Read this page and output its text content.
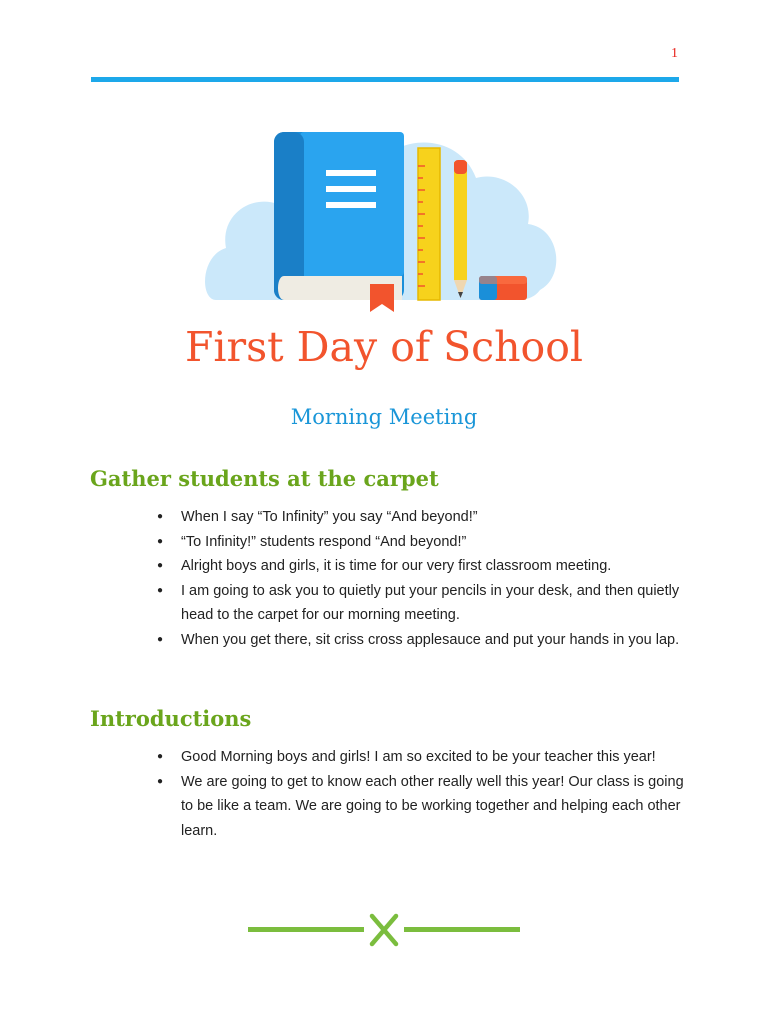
1
First Day of School
Morning Meeting
Gather students at the carpet
● When I say “To Infinity” you say “And beyond!”
● “To Infinity!” students respond “And beyond!”
● Alright boys and girls, it is time for our very first classroom meeting.
● I am going to ask you to quietly put your pencils in your desk, and then quietly head to the carpet for our morning meeting.
● When you get there, sit criss cross applesauce and put your hands in you lap.
Introductions
● Good Morning boys and girls! I am so excited to be your teacher this year!
● We are going to get to know each other really well this year! Our class is going to be like a team. We are going to be working together and helping each other learn.
